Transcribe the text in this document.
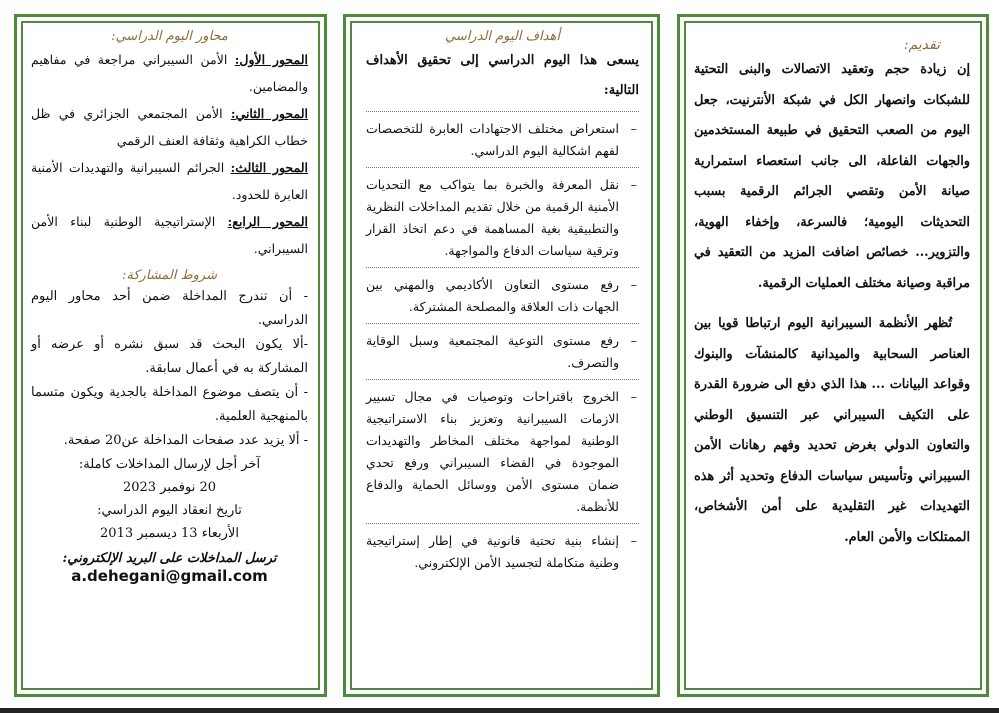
محاور اليوم الدراسي:

المحور الأول: الأمن السيبراني مراجعة في مفاهيم والمضامين.

المحور الثاني: الأمن المجتمعي الجزائري في ظل خطاب الكراهية وثقافة العنف الرقمي

المحور الثالث: الجرائم السيبرانية والتهديدات الأمنية العابرة للحدود.

المحور الرابع: الإستراتيجية الوطنية لبناء الأمن السيبراني.

شروط المشاركة:

- أن تندرج المداخلة ضمن أحد محاور اليوم الدراسي.

-ألا يكون البحث قد سبق نشره أو عرضه أو المشاركة به في أعمال سابقة.

- أن يتصف موضوع المداخلة بالجدية ويكون متسما بالمنهجية العلمية.

- ألا يزيد عدد صفحات المداخلة عن20 صفحة.

آخر أجل لإرسال المداخلات كاملة:

20 نوفمبر 2023

تاريخ انعقاد اليوم الدراسي:

الأربعاء 13 ديسمبر 2013

ترسل المداخلات على البريد الإلكتروني:

a.dehegani@gmail.com

أهداف اليوم الدراسي

يسعى هذا اليوم الدراسي إلى تحقيق الأهداف التالية:

– استعراض مختلف الاجتهادات العابرة للتخصصات لفهم اشكالية اليوم الدراسي.
– نقل المعرفة والخبرة بما يتواكب مع التحديات الأمنية الرقمية من خلال تقديم المداخلات النظرية والتطبيقية بغية المساهمة في دعم اتخاذ القرار وترقية سياسات الدفاع والمواجهة.
– رفع مستوى التعاون الأكاديمي والمهني بين الجهات ذات العلاقة والمصلحة المشتركة.
– رفع مستوى التوعية المجتمعية وسبل الوقاية والتصرف.
– الخروج باقتراحات وتوصيات في مجال تسيير الازمات السيبرانية وتعزيز بناء الاستراتيجية الوطنية لمواجهة مختلف المخاطر والتهديدات الموجودة في الفضاء السيبراني ورفع تحدي ضمان مستوى الأمن ووسائل الحماية والدفاع للأنظمة.
– إنشاء بنية تحتية قانونية في إطار إستراتيجية وطنية متكاملة لتجسيد الأمن الإلكتروني.

تقديم:

إن زيادة حجم وتعقيد الاتصالات والبنى التحتية للشبكات وانصهار الكل في شبكة الأنترنيت، جعل اليوم من الصعب التحقيق في طبيعة المستخدمين والجهات الفاعلة، الى جانب استعصاء استمرارية صيانة الأمن وتقصي الجرائم الرقمية بسبب التحديثات اليومية؛ فالسرعة، وإخفاء الهوية، والتزوير... خصائص اضافت المزيد من التعقيد في مراقبة وصيانة مختلف العمليات الرقمية.

تُظهر الأنظمة السيبرانية اليوم ارتباطا قويا بين العناصر السحابية والميدانية كالمنشآت والبنوك وقواعد البيانات ... هذا الذي دفع الى ضرورة القدرة على التكيف السيبراني عبر التنسيق الوطني والتعاون الدولي بغرض تحديد وفهم رهانات الأمن السيبراني وتأسيس سياسات الدفاع وتحديد أثر هذه التهديدات غير التقليدية على أمن الأشخاص، الممتلكات والأمن العام.
